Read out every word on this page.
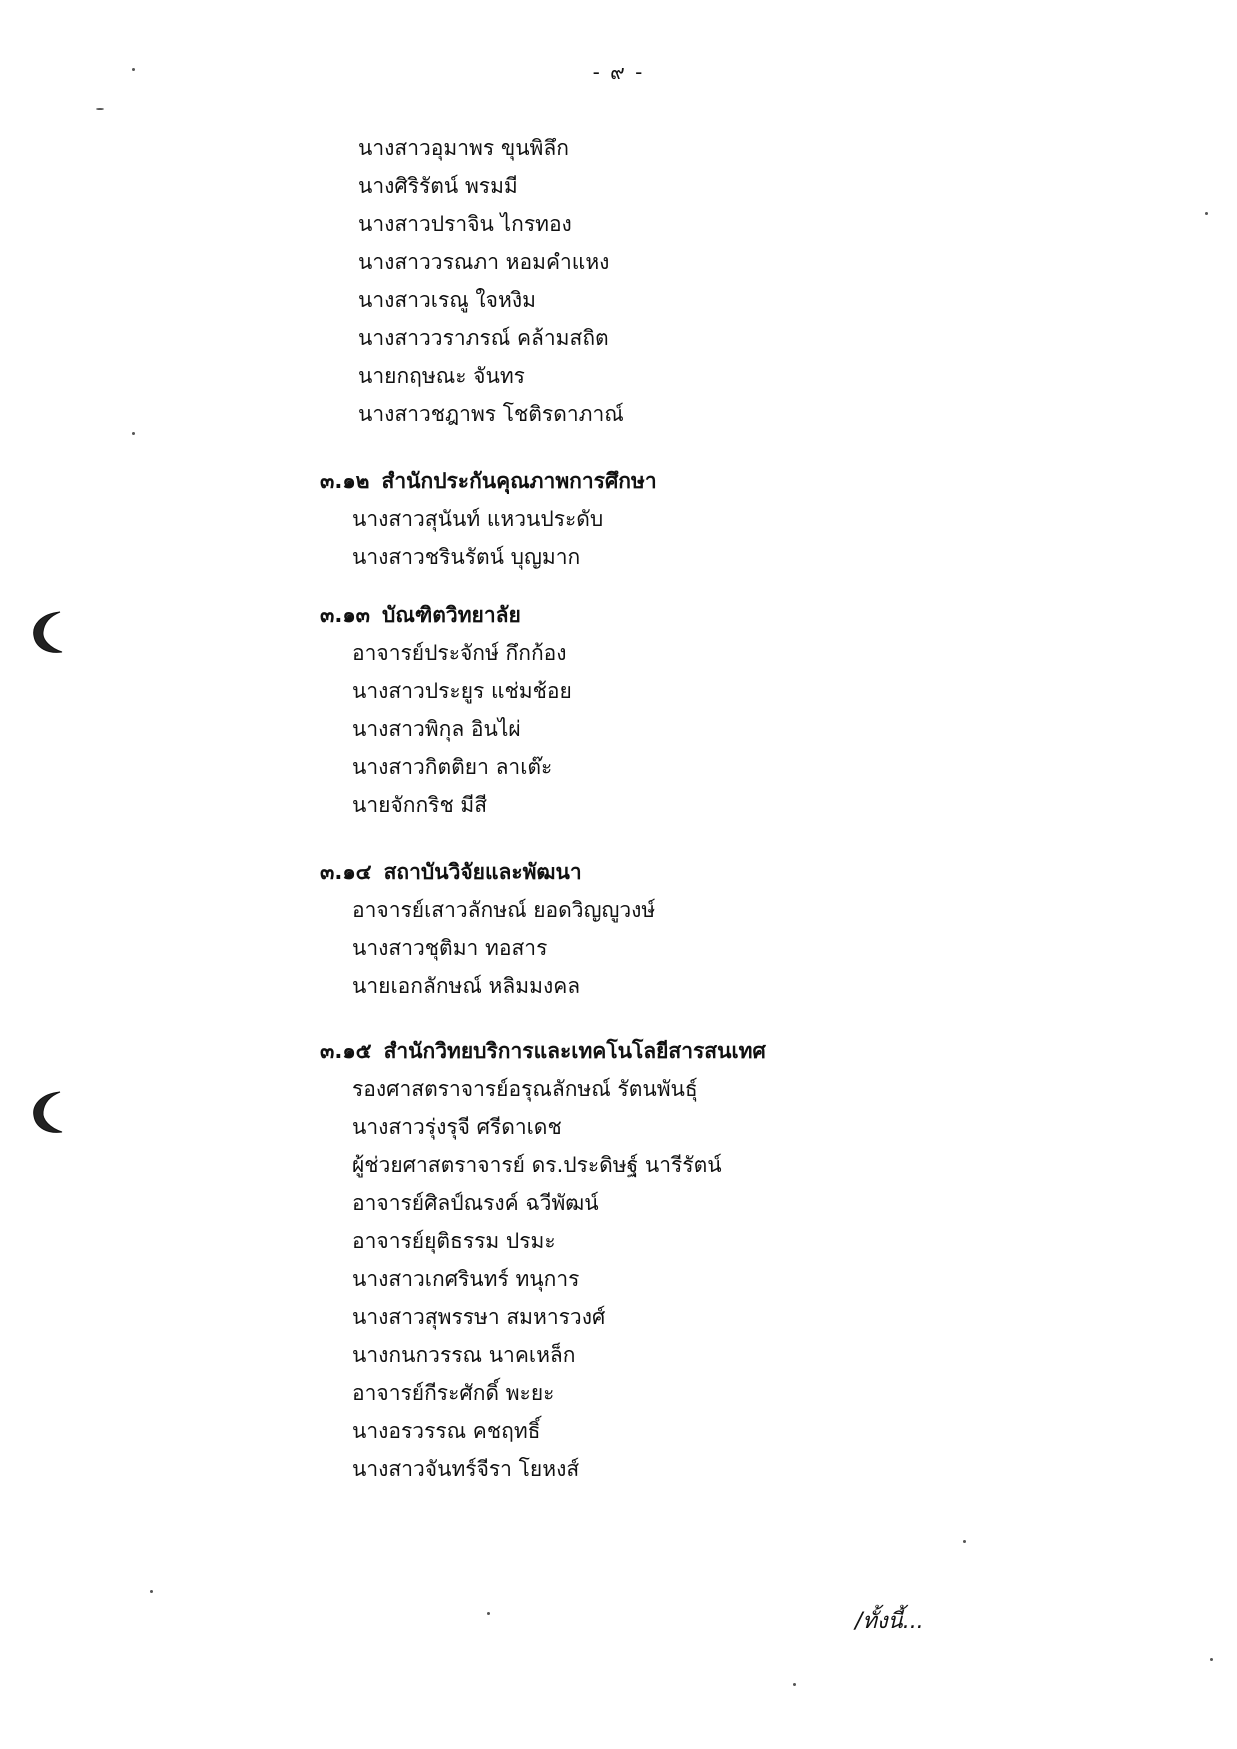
- ๙ -
นางสาวอุมาพร ขุนพิลึก
นางศิริรัตน์ พรมมี
นางสาวปราจิน ไกรทอง
นางสาววรณภา หอมคำแหง
นางสาวเรณู ใจหงิม
นางสาววราภรณ์ คล้ามสถิต
นายกฤษณะ จันทร
นางสาวชฎาพร โชติรดาภาณ์
๓.๑๒ สำนักประกันคุณภาพการศึกษา
นางสาวสุนันท์ แหวนประดับ
นางสาวชรินรัตน์ บุญมาก
๓.๑๓ บัณฑิตวิทยาลัย
อาจารย์ประจักษ์ กึกก้อง
นางสาวประยูร แช่มช้อย
นางสาวพิกุล อินไผ่
นางสาวกิตติยา ลาเต๊ะ
นายจักกริช มีสี
๓.๑๔ สถาบันวิจัยและพัฒนา
อาจารย์เสาวลักษณ์ ยอดวิญญูวงษ์
นางสาวชุติมา ทอสาร
นายเอกลักษณ์ หลิมมงคล
๓.๑๕ สำนักวิทยบริการและเทคโนโลยีสารสนเทศ
รองศาสตราจารย์อรุณลักษณ์ รัตนพันธุ์
นางสาวรุ่งรุจี ศรีดาเดช
ผู้ช่วยศาสตราจารย์ ดร.ประดิษฐ์ นารีรัตน์
อาจารย์ศิลป์ณรงค์ ฉวีพัฒน์
อาจารย์ยุติธรรม ปรมะ
นางสาวเกศรินทร์ ทนุการ
นางสาวสุพรรษา สมหารวงศ์
นางกนกวรรณ นาคเหล็ก
อาจารย์กีระศักดิ์ พะยะ
นางอรวรรณ คชฤทธิ์
นางสาวจันทร์จีรา โยหงส์
/ทั้งนี้...
